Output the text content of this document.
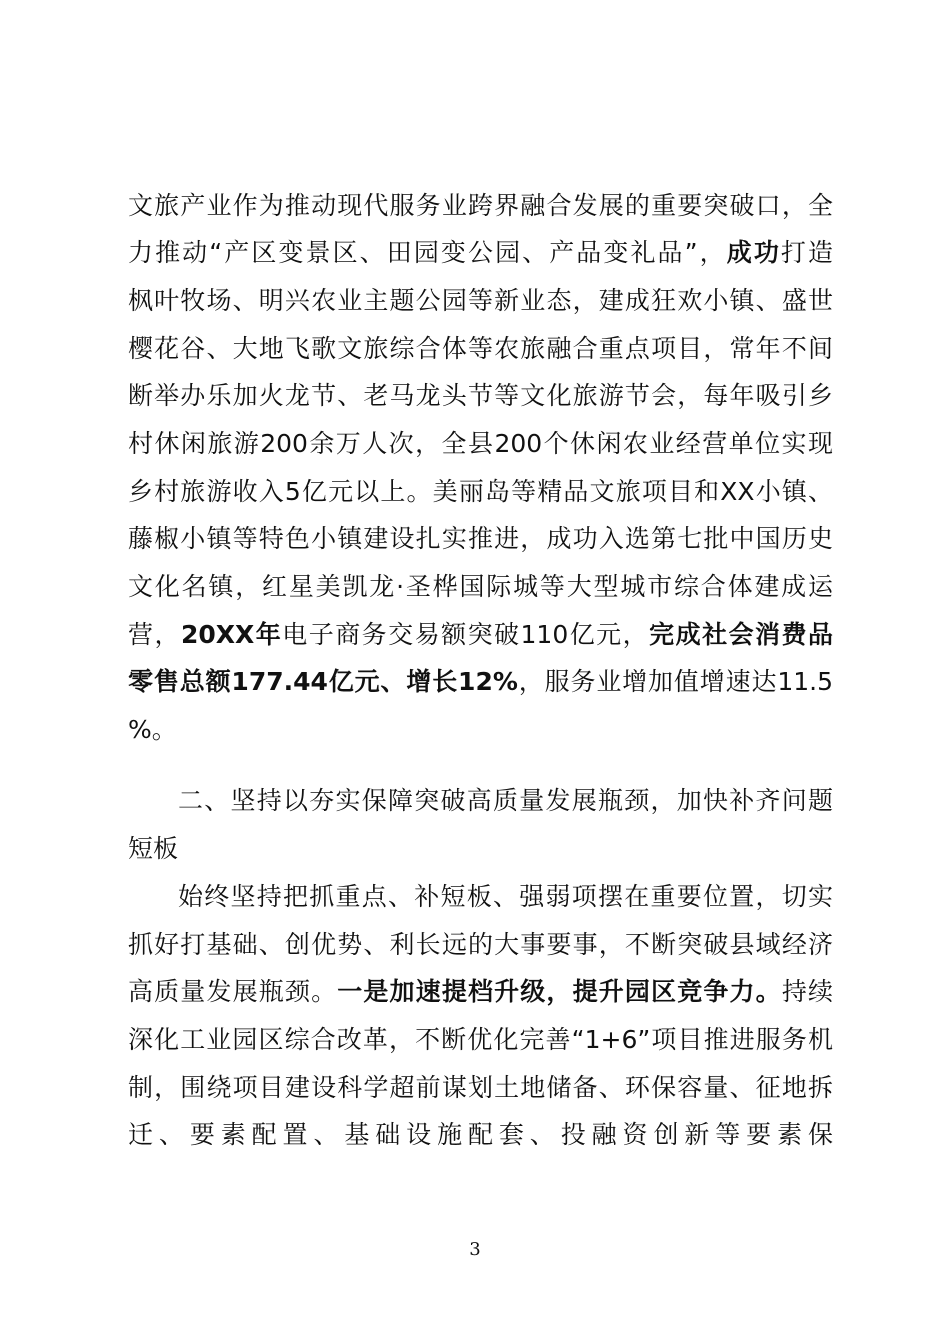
文旅产业作为推动现代服务业跨界融合发展的重要突破口，全
力推动“产区变景区、田园变公园、产品变礼品”，成功打造
枫叶牧场、明兴农业主题公园等新业态，建成狂欢小镇、盛世
樱花谷、大地飞歌文旅综合体等农旅融合重点项目，常年不间
断举办乐加火龙节、老马龙头节等文化旅游节会，每年吸引乡
村休闲旅游200余万人次，全县200个休闲农业经营单位实现
乡村旅游收入5亿元以上。美丽岛等精品文旅项目和XX小镇、
藤椒小镇等特色小镇建设扎实推进，成功入选第七批中国历史
文化名镇，红星美凯龙·圣桦国际城等大型城市综合体建成运
营，20XX年电子商务交易额突破110亿元，完成社会消费品
零售总额177.44亿元、增长12%，服务业增加值增速达11.5
%。
二、坚持以夯实保障突破高质量发展瓶颈，加快补齐问题
短板
始终坚持把抓重点、补短板、强弱项摆在重要位置，切实
抓好打基础、创优势、利长远的大事要事，不断突破县域经济
高质量发展瓶颈。一是加速提档升级，提升园区竞争力。持续
深化工业园区综合改革，不断优化完善“1+6”项目推进服务机
制，围绕项目建设科学超前谋划土地储备、环保容量、征地拆
迁、要素配置、基础设施配套、投融资创新等要素保
3
